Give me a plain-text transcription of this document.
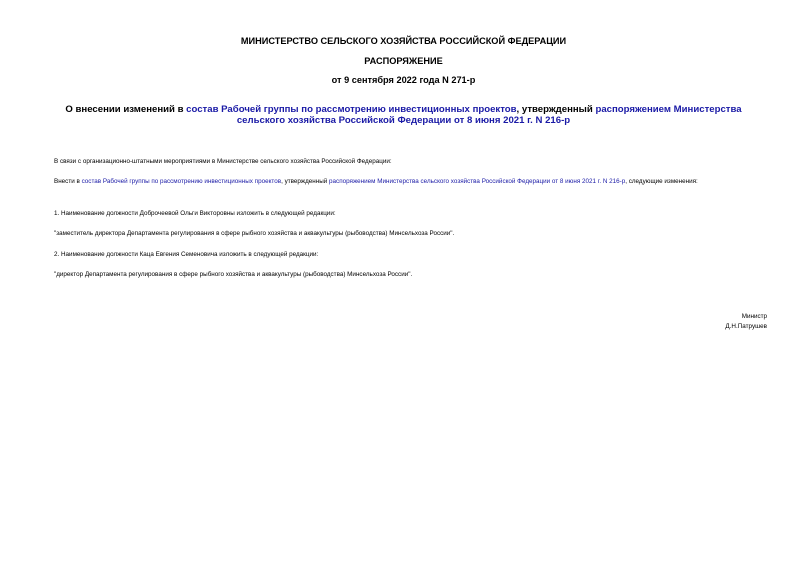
МИНИСТЕРСТВО СЕЛЬСКОГО ХОЗЯЙСТВА РОССИЙСКОЙ ФЕДЕРАЦИИ
РАСПОРЯЖЕНИЕ
от 9 сентября 2022 года N 271-р
О внесении изменений в состав Рабочей группы по рассмотрению инвестиционных проектов, утвержденный распоряжением Министерства сельского хозяйства Российской Федерации от 8 июня 2021 г. N 216-р
В связи с организационно-штатными мероприятиями в Министерстве сельского хозяйства Российской Федерации:
Внести в состав Рабочей группы по рассмотрению инвестиционных проектов, утвержденный распоряжением Министерства сельского хозяйства Российской Федерации от 8 июня 2021 г. N 216-р, следующие изменения:
1. Наименование должности Доброчеевой Ольги Викторовны изложить в следующей редакции:
"заместитель директора Департамента регулирования в сфере рыбного хозяйства и аквакультуры (рыбоводства) Минсельхоза России".
2. Наименование должности Каца Евгения Семеновича изложить в следующей редакции:
"директор Департамента регулирования в сфере рыбного хозяйства и аквакультуры (рыбоводства) Минсельхоза России".
Министр
Д.Н.Патрушев
